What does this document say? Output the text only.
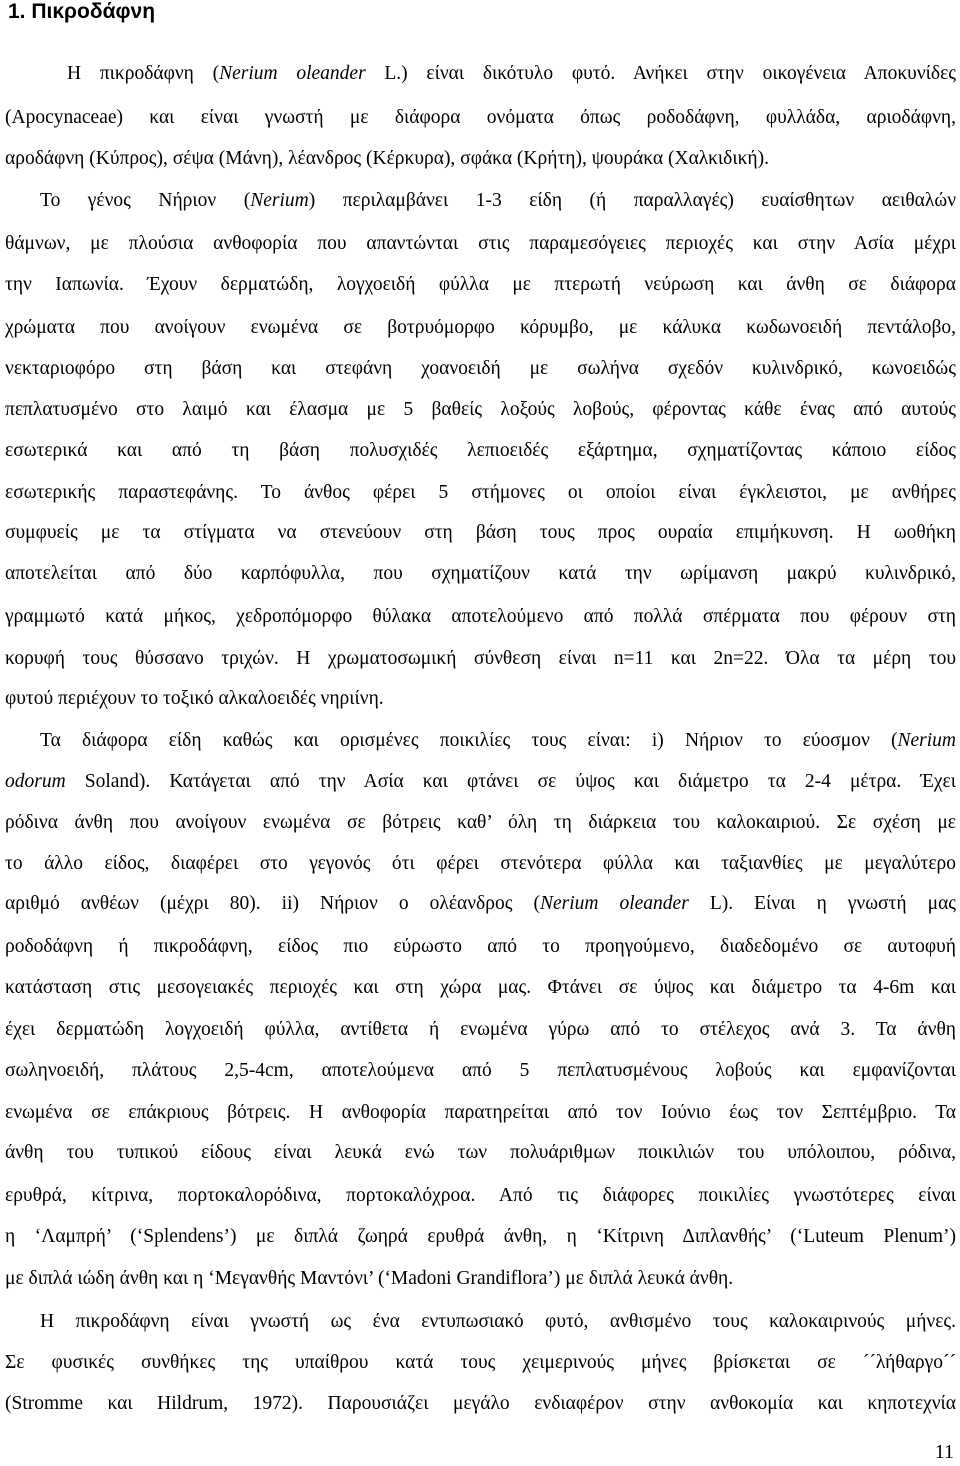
1. Πικροδάφνη

Η πικροδάφνη (Nerium oleander L.) είναι δικότυλο φυτό. Ανήκει στην οικογένεια Αποκυνίδες

(Apocynaceae) και είναι γνωστή με διάφορα ονόματα όπως ροδοδάφνη, φυλλάδα, αριοδάφνη,

αροδάφνη (Κύπρος), σέψα (Μάνη), λέανδρος (Κέρκυρα), σφάκα (Κρήτη), ψουράκα (Χαλκιδική).

Το γένος Νήριον (Nerium) περιλαμβάνει 1-3 είδη (ή παραλλαγές) ευαίσθητων αειθαλών

θάμνων, με πλούσια ανθοφορία που απαντώνται στις παραμεσόγειες περιοχές και στην Ασία μέχρι

την Ιαπωνία. Έχουν δερματώδη, λογχοειδή φύλλα με πτερωτή νεύρωση και άνθη σε διάφορα

χρώματα που ανοίγουν ενωμένα σε βοτρυόμορφο κόρυμβο, με κάλυκα κωδωνοειδή πεντάλοβο,

νεκταριοφόρο στη βάση και στεφάνη χοανοειδή με σωλήνα σχεδόν κυλινδρικό, κωνοειδώς

πεπλατυσμένο στο λαιμό και έλασμα με 5 βαθείς λοξούς λοβούς, φέροντας κάθε ένας από αυτούς

εσωτερικά και από τη βάση πολυσχιδές λεπιοειδές εξάρτημα, σχηματίζοντας κάποιο είδος

εσωτερικής παραστεφάνης. Το άνθος φέρει 5 στήμονες οι οποίοι είναι έγκλειστοι, με ανθήρες

συμφυείς με τα στίγματα να στενεύουν στη βάση τους προς ουραία επιμήκυνση. Η ωοθήκη

αποτελείται από δύο καρπόφυλλα, που σχηματίζουν κατά την ωρίμανση μακρύ κυλινδρικό,

γραμμωτό κατά μήκος, χεδροπόμορφο θύλακα αποτελούμενο από πολλά σπέρματα που φέρουν στη

κορυφή τους θύσσανο τριχών. Η χρωματοσωμική σύνθεση είναι n=11 και 2n=22. Όλα τα μέρη του

φυτού περιέχουν το τοξικό αλκαλοειδές νηριίνη.

Τα διάφορα είδη καθώς και ορισμένες ποικιλίες τους είναι: i) Νήριον το εύοσμον (Nerium

odorum Soland). Κατάγεται από την Ασία και φτάνει σε ύψος και διάμετρο τα 2-4 μέτρα. Έχει

ρόδινα άνθη που ανοίγουν ενωμένα σε βότρεις καθ’ όλη τη διάρκεια του καλοκαιριού. Σε σχέση με

το άλλο είδος, διαφέρει στο γεγονός ότι φέρει στενότερα φύλλα και ταξιανθίες με μεγαλύτερο

αριθμό ανθέων (μέχρι 80). ii) Νήριον ο ολέανδρος (Nerium oleander L). Είναι η γνωστή μας

ροδοδάφνη ή πικροδάφνη, είδος πιο εύρωστο από το προηγούμενο, διαδεδομένο σε αυτοφυή

κατάσταση στις μεσογειακές περιοχές και στη χώρα μας. Φτάνει σε ύψος και διάμετρο τα 4-6m και

έχει δερματώδη λογχοειδή φύλλα, αντίθετα ή ενωμένα γύρω από το στέλεχος ανά 3. Τα άνθη

σωληνοειδή, πλάτους 2,5-4cm, αποτελούμενα από 5 πεπλατυσμένους λοβούς και εμφανίζονται

ενωμένα σε επάκριους βότρεις. Η ανθοφορία παρατηρείται από τον Ιούνιο έως τον Σεπτέμβριο. Τα

άνθη του τυπικού είδους είναι λευκά ενώ των πολυάριθμων ποικιλιών του υπόλοιπου, ρόδινα,

ερυθρά, κίτρινα, πορτοκαλορόδινα, πορτοκαλόχροα. Από τις διάφορες ποικιλίες γνωστότερες είναι

η ‘Λαμπρή’ (‘Splendens’) με διπλά ζωηρά ερυθρά άνθη, η ‘Κίτρινη Διπλανθής’ (‘Luteum Plenum’)

με διπλά ιώδη άνθη και η ‘Μεγανθής Μαντόνι’ (‘Madoni Grandiflora’) με διπλά λευκά άνθη.

Η πικροδάφνη είναι γνωστή ως ένα εντυπωσιακό φυτό, ανθισμένο τους καλοκαιρινούς μήνες.

Σε φυσικές συνθήκες της υπαίθρου κατά τους χειμερινούς μήνες βρίσκεται σε ´´λήθαργο´´

(Stromme και Hildrum, 1972). Παρουσιάζει μεγάλο ενδιαφέρον στην ανθοκομία και κηποτεχνία

11
